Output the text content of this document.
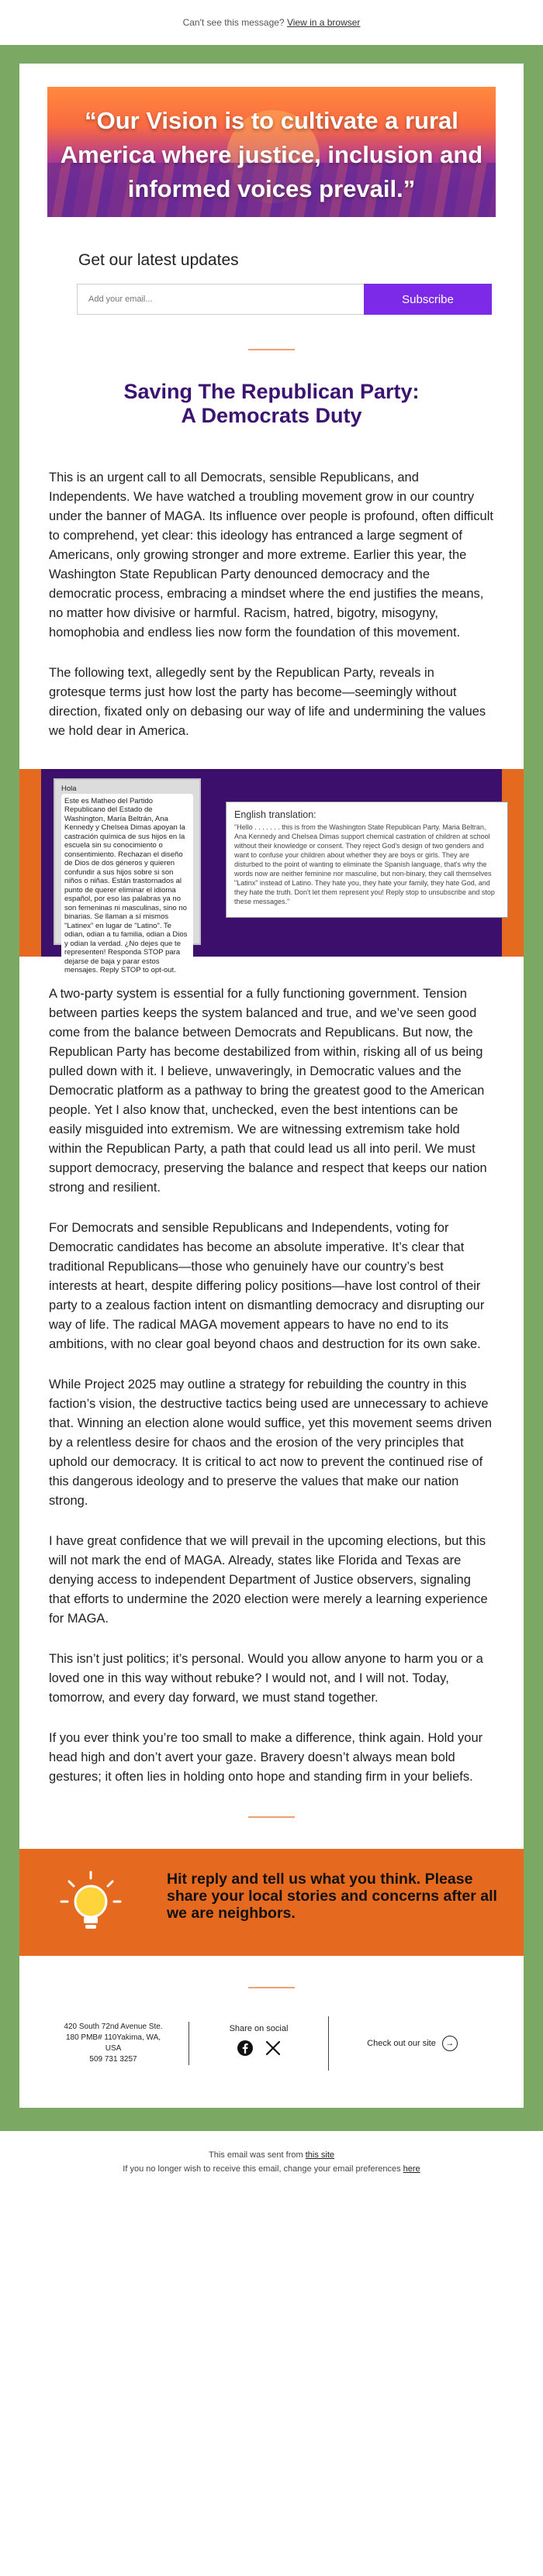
Can't see this message? View in a browser
“Our Vision is to cultivate a rural America where justice, inclusion and informed voices prevail.”
Get our latest updates
Add your email...
Subscribe
Saving The Republican Party:
A Democrats Duty

This is an urgent call to all Democrats, sensible Republicans, and Independents. We have watched a troubling movement grow in our country under the banner of MAGA. Its influence over people is profound, often difficult to comprehend, yet clear: this ideology has entranced a large segment of Americans, only growing stronger and more extreme. Earlier this year, the Washington State Republican Party denounced democracy and the democratic process, embracing a mindset where the end justifies the means, no matter how divisive or harmful. Racism, hatred, bigotry, misogyny, homophobia and endless lies now form the foundation of this movement.

The following text, allegedly sent by the Republican Party, reveals in grotesque terms just how lost the party has become—seemingly without direction, fixated only on debasing our way of life and undermining the values we hold dear in America.

Hola
Este es Matheo del Partido Republicano del Estado de Washington, María Beltrán, Ana Kennedy y Chelsea Dimas apoyan la castración química de sus hijos en la escuela sin su conocimiento o consentimiento. Rechazan el diseño de Dios de dos géneros y quieren confundir a sus hijos sobre si son niños o niñas. Están trastornados al punto de querer eliminar el idioma español, por eso las palabras ya no son femeninas ni masculinas, sino no binarias. Se llaman a sí mismos "Latinex" en lugar de "Latino". Te odian, odian a tu familia, odian a Dios y odian la verdad. ¿No dejes que te representen! Responda STOP para dejarse de baja y parar estos mensajes. Reply STOP to opt-out.
English translation:
"Hello . . . . . . . this is from the Washington State Republican Party. Maria Beltran, Ana Kennedy and Chelsea Dimas support chemical castration of children at school without their knowledge or consent. They reject God's design of two genders and want to confuse your children about whether they are boys or girls. They are disturbed to the point of wanting to eliminate the Spanish language, that's why the words now are neither feminine nor masculine, but non-binary, they call themselves "Latinx" instead of Latino. They hate you, they hate your family, they hate God, and they hate the truth. Don't let them represent you! Reply stop to unsubscribe and stop these messages."

A two-party system is essential for a fully functioning government. Tension between parties keeps the system balanced and true, and we’ve seen good come from the balance between Democrats and Republicans. But now, the Republican Party has become destabilized from within, risking all of us being pulled down with it. I believe, unwaveringly, in Democratic values and the Democratic platform as a pathway to bring the greatest good to the American people. Yet I also know that, unchecked, even the best intentions can be easily misguided into extremism. We are witnessing extremism take hold within the Republican Party, a path that could lead us all into peril. We must support democracy, preserving the balance and respect that keeps our nation strong and resilient.

For Democrats and sensible Republicans and Independents, voting for Democratic candidates has become an absolute imperative. It’s clear that traditional Republicans—those who genuinely have our country’s best interests at heart, despite differing policy positions—have lost control of their party to a zealous faction intent on dismantling democracy and disrupting our way of life. The radical MAGA movement appears to have no end to its ambitions, with no clear goal beyond chaos and destruction for its own sake.

While Project 2025 may outline a strategy for rebuilding the country in this faction’s vision, the destructive tactics being used are unnecessary to achieve that. Winning an election alone would suffice, yet this movement seems driven by a relentless desire for chaos and the erosion of the very principles that uphold our democracy. It is critical to act now to prevent the continued rise of this dangerous ideology and to preserve the values that make our nation strong.

I have great confidence that we will prevail in the upcoming elections, but this will not mark the end of MAGA. Already, states like Florida and Texas are denying access to independent Department of Justice observers, signaling that efforts to undermine the 2020 election were merely a learning experience for MAGA.

This isn’t just politics; it’s personal. Would you allow anyone to harm you or a loved one in this way without rebuke? I would not, and I will not. Today, tomorrow, and every day forward, we must stand together.

If you ever think you’re too small to make a difference, think again. Hold your head high and don’t avert your gaze. Bravery doesn’t always mean bold gestures; it often lies in holding onto hope and standing firm in your beliefs.

Hit reply and tell us what you think. Please share your local stories and concerns after all we are neighbors.
420 South 72nd Avenue Ste.
180 PMB# 110Yakima, WA,
USA
509 731 3257
Share on social
Check out our site	→
This email was sent from this site
If you no longer wish to receive this email, change your email preferences here
